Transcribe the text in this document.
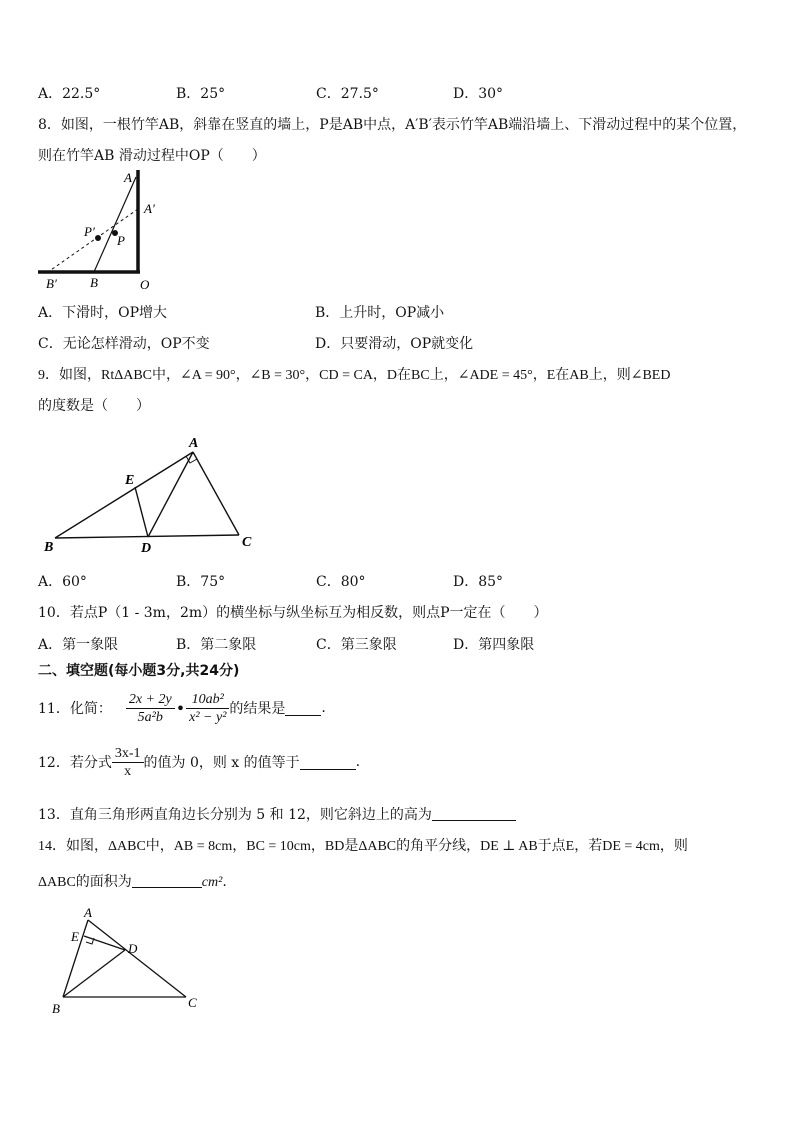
A．22.5°	B．25°	C．27.5°	D．30°
8．如图，一根竹竿AB，斜靠在竖直的墙上，P是AB中点，A′B′表示竹竿AB端沿墙上、下滑动过程中的某个位置，
则在竹竿AB 滑动过程中OP（　　）
A
A′
P′
P
B′	B	O
A．下滑时，OP增大	B．上升时，OP减小
C．无论怎样滑动，OP不变	D．只要滑动，OP就变化
9．如图，RtΔABC中，∠A = 90°，∠B = 30°，CD = CA，D在BC上，∠ADE = 45°，E在AB上，则∠BED
的度数是（　　）
A
E
B	D	C
A．60°	B．75°	C．80°	D．85°
10．若点P（1 - 3m，2m）的横坐标与纵坐标互为相反数，则点P一定在（　　）
A．第一象限	B．第二象限	C．第三象限	D．第四象限
二、填空题(每小题3分,共24分)
11．化简： $\frac{2x + 2y}{\text{5a²b}}$ • $\frac{\text{10ab²}}{\text{x² − y²}}$ 的结果是	.
12．若分式 $\frac{3x-1}{x}$ 的值为 0，则 x 的值等于	.
13．直角三角形两直角边长分别为 5 和 12，则它斜边上的高为
14．如图，ΔABC中，AB = 8cm，BC = 10cm，BD是ΔABC的角平分线，DE ⊥ AB于点E，若DE = 4cm，则
ΔABC的面积为	cm².
A
E
D
B	C
